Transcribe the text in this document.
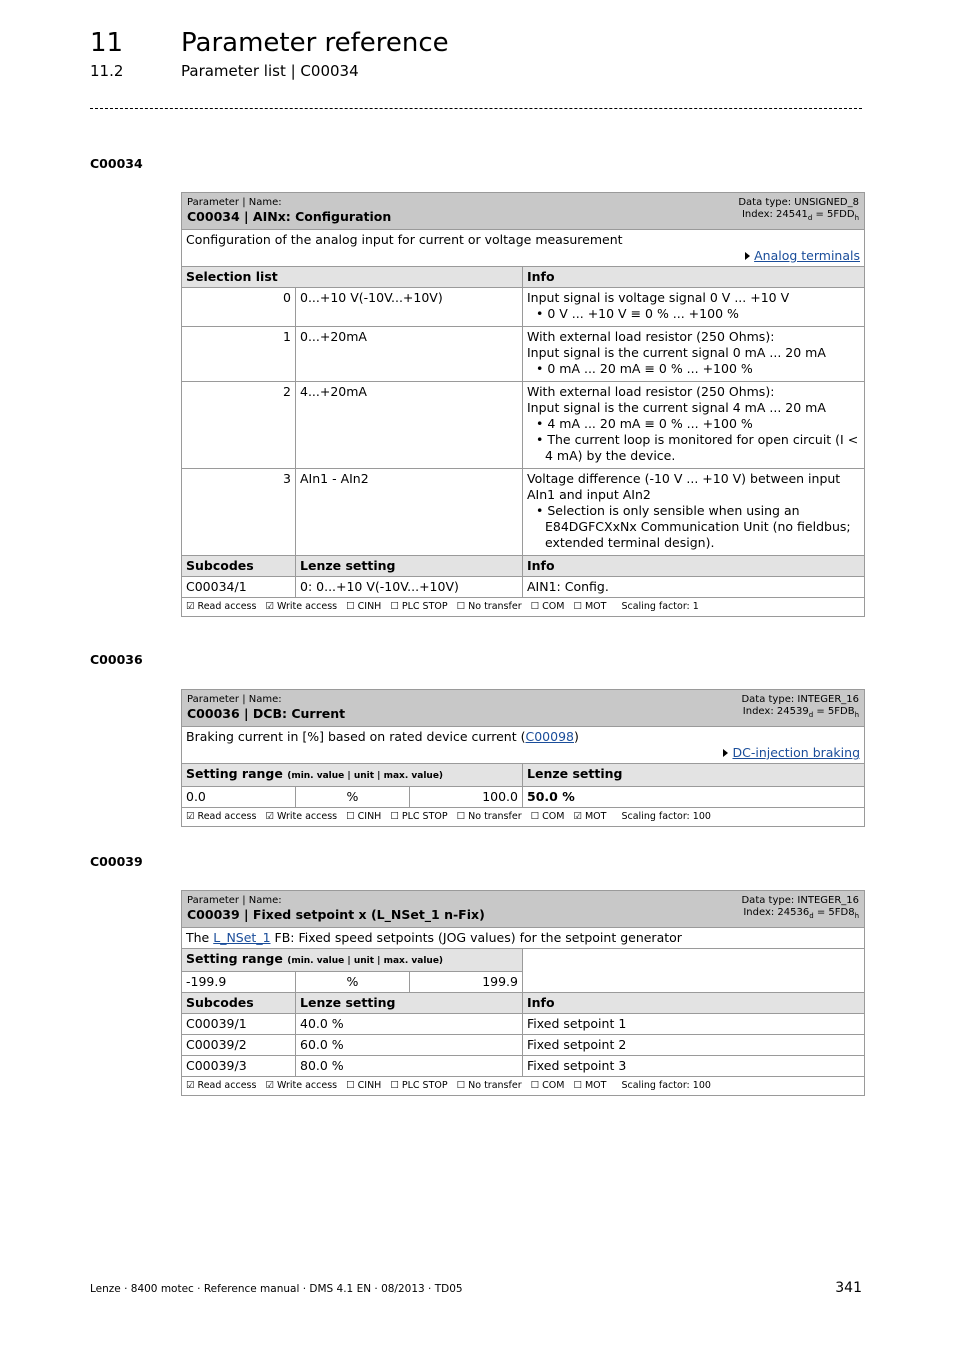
11 Parameter reference
11.2	Parameter list | C00034
C00034
Data type: UNSIGNED_8
Index: $24541_d = 5FDD_h$
Parameter | Name:
C00034 | AINx: Configuration		

Configuration of the analog input for current or voltage measurement
Analog terminals		

Selection list		Info
0	0...+10 V(-10V...+10V)	Input signal is voltage signal 0 V ... +10 V
• 0 V ... +10 V ≡ 0 % ... +100 %

1	0...+20mA	With external load resistor (250 Ohms):
Input signal is the current signal 0 mA ... 20 mA
• 0 mA ... 20 mA ≡ 0 % ... +100 %

2	4...+20mA	With external load resistor (250 Ohms):
Input signal is the current signal 4 mA ... 20 mA
• 4 mA ... 20 mA ≡ 0 % ... +100 %
• The current loop is monitored for open circuit (I < 4 mA) by the device.

3	AIn1 - AIn2	Voltage difference (-10 V ... +10 V) between input AIn1 and input AIn2
• Selection is only sensible when using an E84DGFCXxNx Communication Unit (no fieldbus; extended terminal design).

Subcodes	Lenze setting	Info
C00034/1	0: 0...+10 V(-10V...+10V)	AIN1: Config.
☑ Read access ☑ Write access ☐ CINH ☐ PLC STOP ☐ No transfer ☐ COM ☐ MOT Scaling factor: 1		
C00036
Data type: INTEGER_16
Index: $24539_d = 5FDB_h$
Parameter | Name:
C00036 | DCB: Current			

Braking current in [%] based on rated device current (C00098)
DC-injection braking			

Setting range (min. value | unit | max. value)			Lenze setting
0.0	%	100.0	50.0 %
☑ Read access ☑ Write access ☐ CINH ☐ PLC STOP ☐ No transfer ☐ COM ☑ MOT Scaling factor: 100			
C00039
Data type: INTEGER_16
Index: $24536_d = 5FD8_h$
Parameter | Name:
C00039 | Fixed setpoint x (L_NSet_1 n-Fix)			

The L_NSet_1 FB: Fixed speed setpoints (JOG values) for the setpoint generator			
Setting range (min. value | unit | max. value)			
-199.9	%	199.9	
Subcodes	Lenze setting		Info
C00039/1	40.0 %		Fixed setpoint 1
C00039/2	60.0 %		Fixed setpoint 2
C00039/3	80.0 %		Fixed setpoint 3
☑ Read access ☑ Write access ☐ CINH ☐ PLC STOP ☐ No transfer ☐ COM ☐ MOT Scaling factor: 100			
Lenze · 8400 motec · Reference manual · DMS 4.1 EN · 08/2013 · TD05	341
